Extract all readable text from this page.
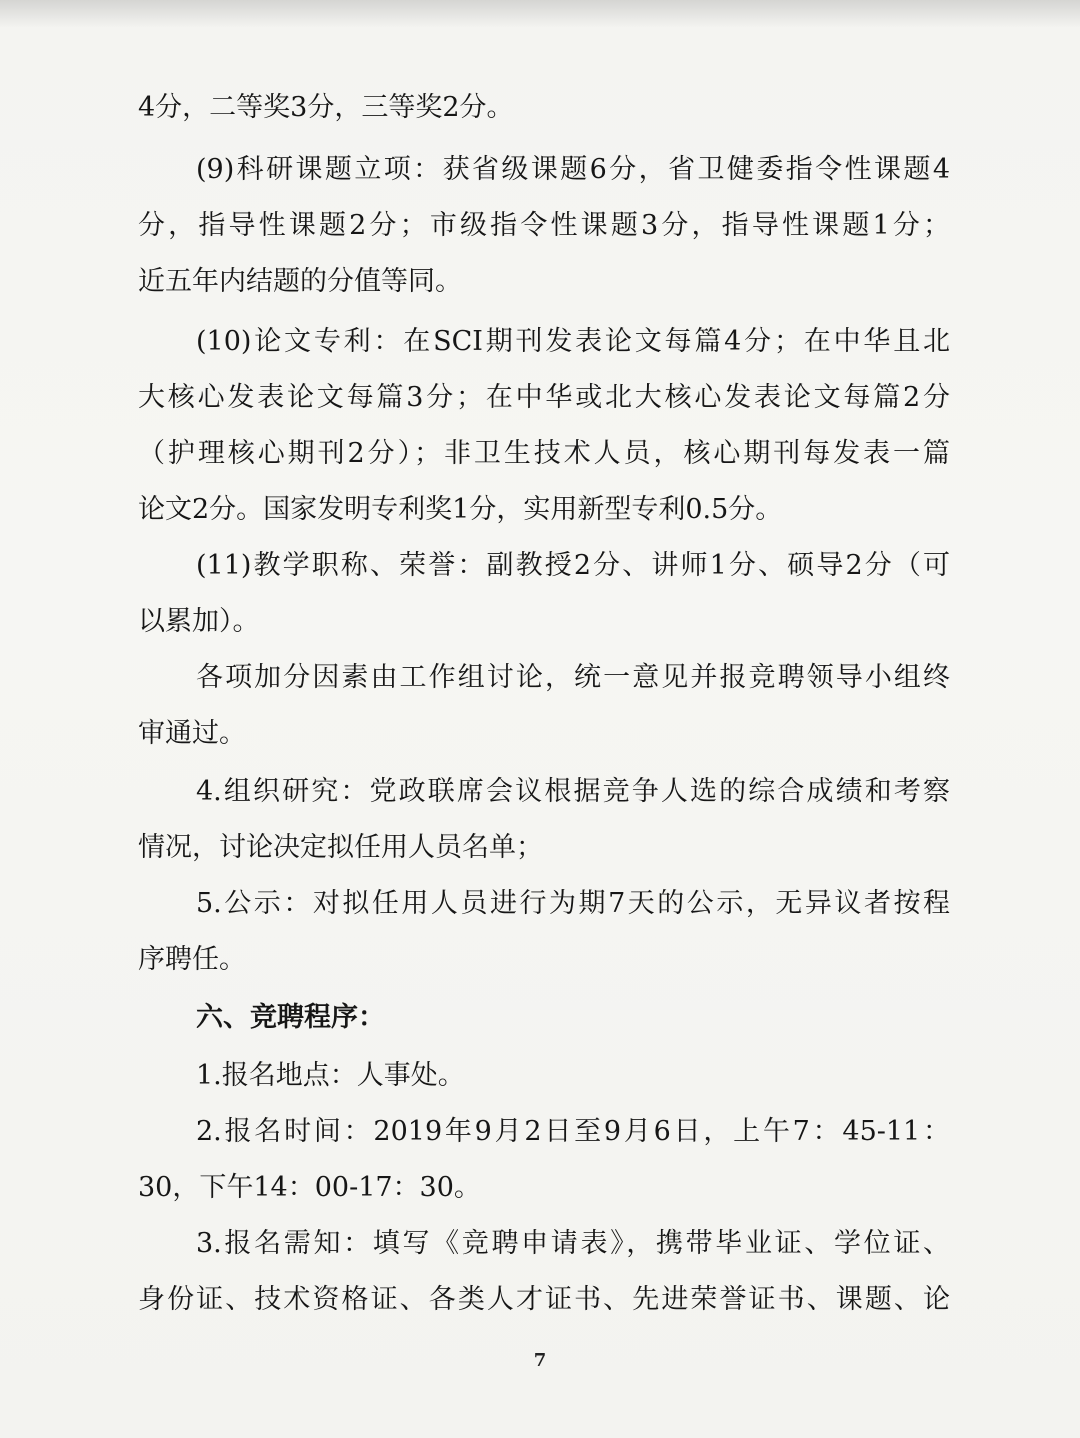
4分，二等奖3分，三等奖2分。
(9)科研课题立项：获省级课题6分，省卫健委指令性课题4
分，指导性课题2分；市级指令性课题3分，指导性课题1分；
近五年内结题的分值等同。
(10)论文专利：在SCI期刊发表论文每篇4分；在中华且北
大核心发表论文每篇3分；在中华或北大核心发表论文每篇2分
（护理核心期刊2分）；非卫生技术人员，核心期刊每发表一篇
论文2分。国家发明专利奖1分，实用新型专利0.5分。
(11)教学职称、荣誉：副教授2分、讲师1分、硕导2分（可
以累加）。
各项加分因素由工作组讨论，统一意见并报竞聘领导小组终
审通过。
4.组织研究：党政联席会议根据竞争人选的综合成绩和考察
情况，讨论决定拟任用人员名单；
5.公示：对拟任用人员进行为期7天的公示，无异议者按程
序聘任。
六、竞聘程序：
1.报名地点：人事处。
2.报名时间：2019年9月2日至9月6日，上午7：45-11：
30，下午14：00-17：30。
3.报名需知：填写《竞聘申请表》，携带毕业证、学位证、
身份证、技术资格证、各类人才证书、先进荣誉证书、课题、论
7
